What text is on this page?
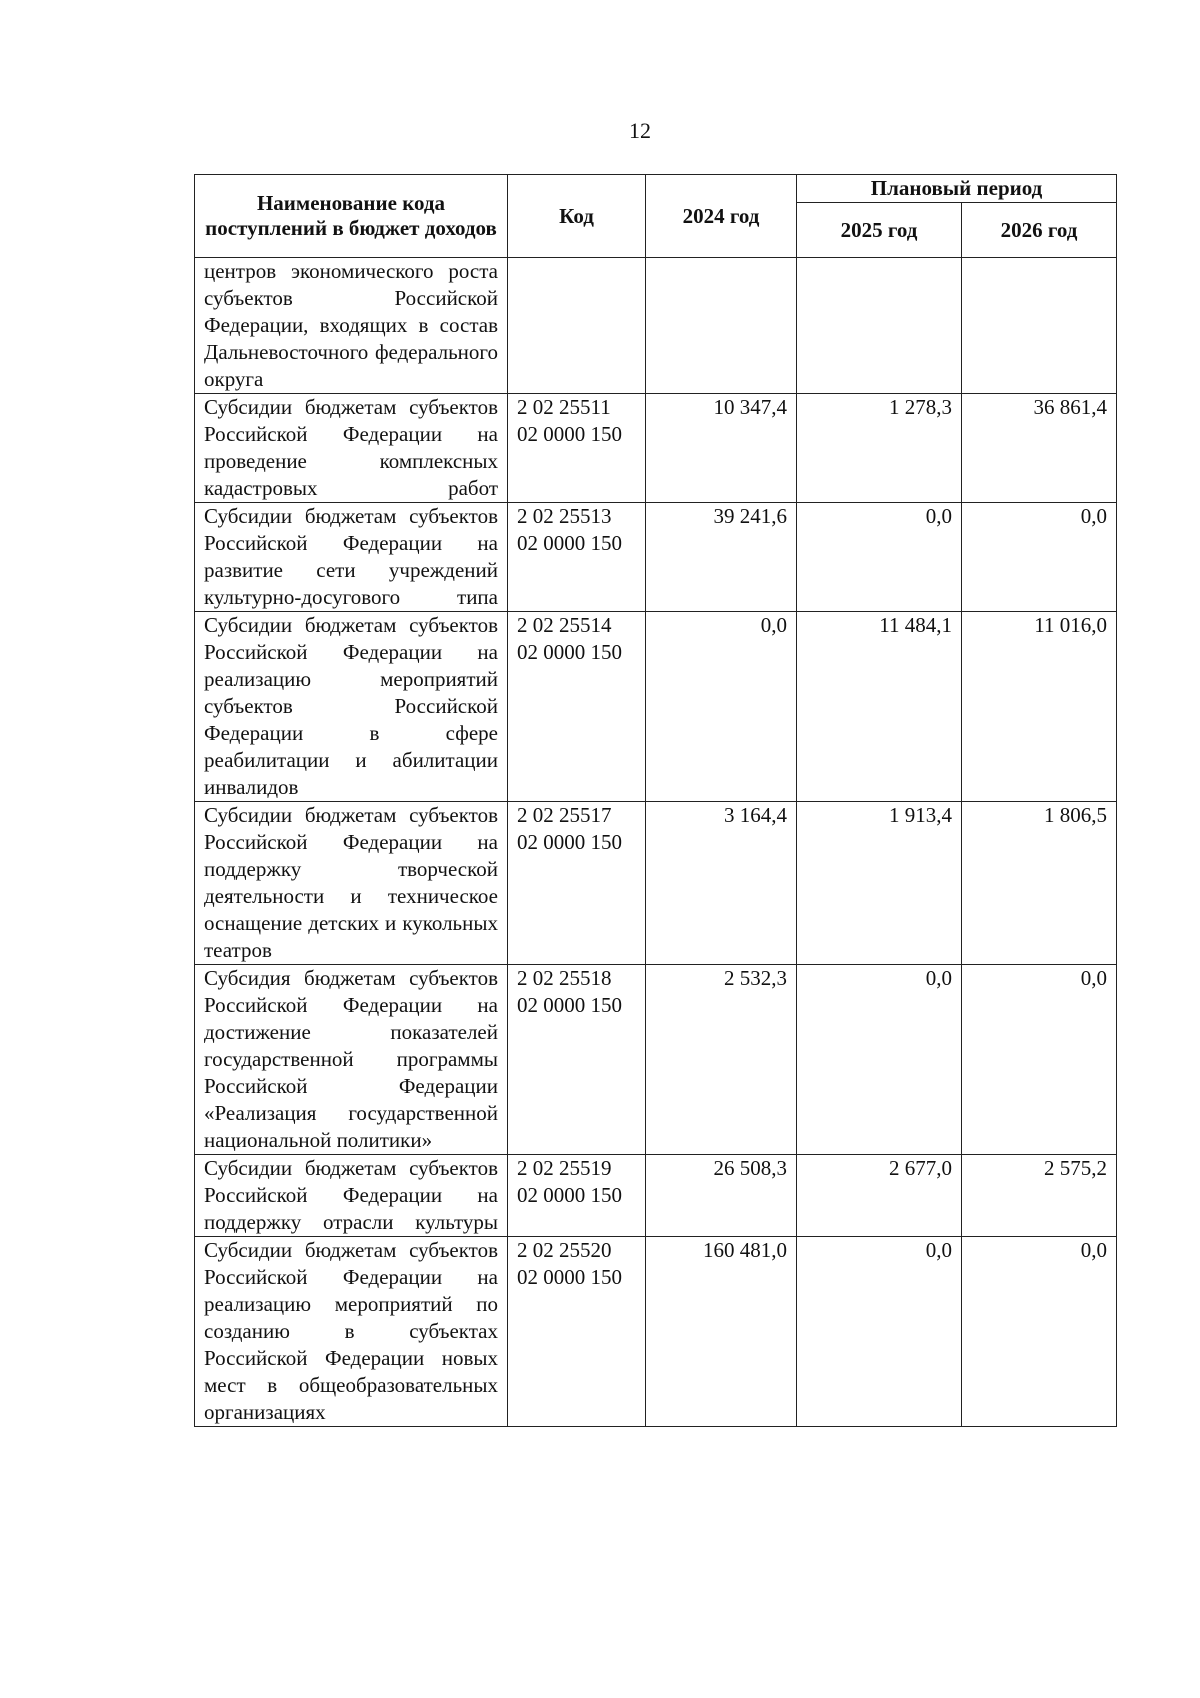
12
Наименование кода поступлений в бюджет доходов	Код	2024 год	Плановый период	
			2025 год	2026 год
центров экономического роста субъектов Российской Федерации, входящих в состав Дальневосточного федерального округа				
Субсидии бюджетам субъектов Российской Федерации на проведение комплексных кадастровых работ	2 02 25511 02 0000 150	10 347,4	1 278,3	36 861,4
Субсидии бюджетам субъектов Российской Федерации на развитие сети учреждений культурно-досугового типа	2 02 25513 02 0000 150	39 241,6	0,0	0,0
Субсидии бюджетам субъектов Российской Федерации на реализацию мероприятий субъектов Российской Федерации в сфере реабилитации и абилитации инвалидов	2 02 25514 02 0000 150	0,0	11 484,1	11 016,0
Субсидии бюджетам субъектов Российской Федерации на поддержку творческой деятельности и техническое оснащение детских и кукольных театров	2 02 25517 02 0000 150	3 164,4	1 913,4	1 806,5
Субсидия бюджетам субъектов Российской Федерации на достижение показателей государственной программы Российской Федерации «Реализация государственной национальной политики»	2 02 25518 02 0000 150	2 532,3	0,0	0,0
Субсидии бюджетам субъектов Российской Федерации на поддержку отрасли культуры	2 02 25519 02 0000 150	26 508,3	2 677,0	2 575,2
Субсидии бюджетам субъектов Российской Федерации на реализацию мероприятий по созданию в субъектах Российской Федерации новых мест в общеобразовательных организациях	2 02 25520 02 0000 150	160 481,0	0,0	0,0
